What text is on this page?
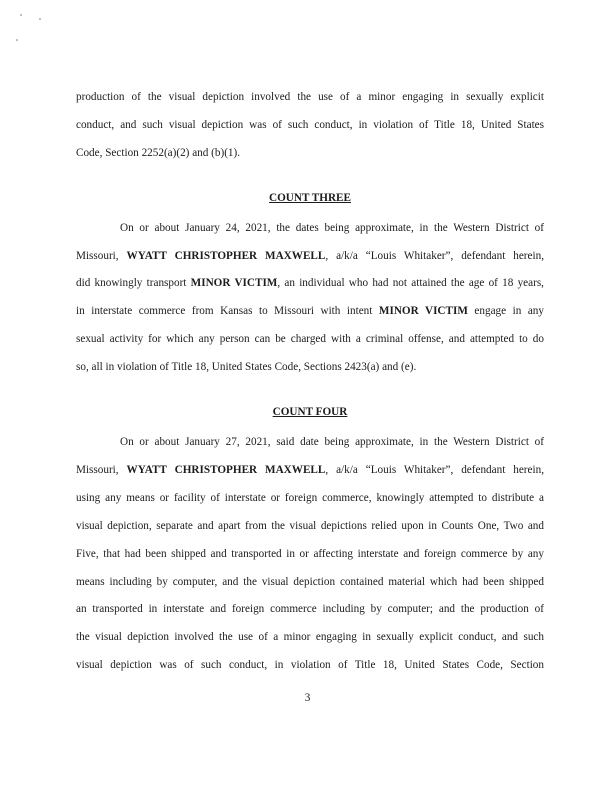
production of the visual depiction involved the use of a minor engaging in sexually explicit

conduct, and such visual depiction was of such conduct, in violation of Title 18, United States

Code, Section 2252(a)(2) and (b)(1).

COUNT THREE

On or about January 24, 2021, the dates being approximate, in the Western District of

Missouri, WYATT CHRISTOPHER MAXWELL, a/k/a “Louis Whitaker”, defendant herein,

did knowingly transport MINOR VICTIM, an individual who had not attained the age of 18 years,

in interstate commerce from Kansas to Missouri with intent MINOR VICTIM engage in any

sexual activity for which any person can be charged with a criminal offense, and attempted to do

so, all in violation of Title 18, United States Code, Sections 2423(a) and (e).

COUNT FOUR

On or about January 27, 2021, said date being approximate, in the Western District of

Missouri, WYATT CHRISTOPHER MAXWELL, a/k/a “Louis Whitaker”, defendant herein,

using any means or facility of interstate or foreign commerce, knowingly attempted to distribute a

visual depiction, separate and apart from the visual depictions relied upon in Counts One, Two and

Five, that had been shipped and transported in or affecting interstate and foreign commerce by any

means including by computer, and the visual depiction contained material which had been shipped

an transported in interstate and foreign commerce including by computer; and the production of

the visual depiction involved the use of a minor engaging in sexually explicit conduct, and such

visual depiction was of such conduct, in violation of Title 18, United States Code, Section

3
